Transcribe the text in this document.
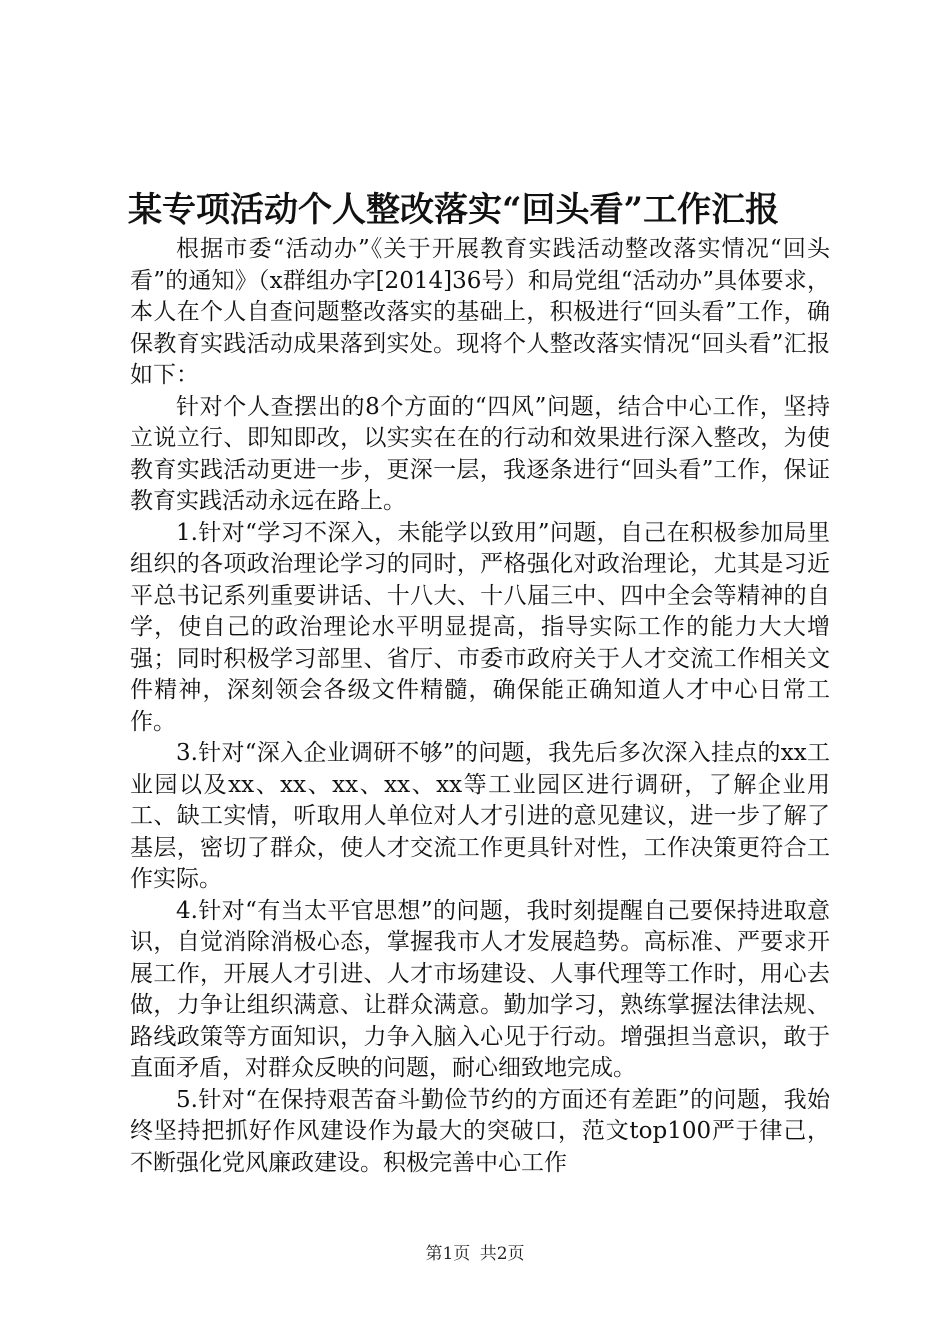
某专项活动个人整改落实“回头看”工作汇报

根据市委“活动办”《关于开展教育实践活动整改落实情况“回头看”的通知》（x群组办字[2014]36号）和局党组“活动办”具体要求，本人在个人自查问题整改落实的基础上，积极进行“回头看”工作，确保教育实践活动成果落到实处。现将个人整改落实情况“回头看”汇报如下：

针对个人查摆出的8个方面的“四风”问题，结合中心工作，坚持立说立行、即知即改，以实实在在的行动和效果进行深入整改，为使教育实践活动更进一步，更深一层，我逐条进行“回头看”工作，保证教育实践活动永远在路上。

1.针对“学习不深入，未能学以致用”问题，自己在积极参加局里组织的各项政治理论学习的同时，严格强化对政治理论，尤其是习近平总书记系列重要讲话、十八大、十八届三中、四中全会等精神的自学，使自己的政治理论水平明显提高，指导实际工作的能力大大增强；同时积极学习部里、省厅、市委市政府关于人才交流工作相关文件精神，深刻领会各级文件精髓，确保能正确知道人才中心日常工作。

3.针对“深入企业调研不够”的问题，我先后多次深入挂点的xx工业园以及xx、xx、xx、xx、xx等工业园区进行调研，了解企业用工、缺工实情，听取用人单位对人才引进的意见建议，进一步了解了基层，密切了群众，使人才交流工作更具针对性，工作决策更符合工作实际。

4.针对“有当太平官思想”的问题，我时刻提醒自己要保持进取意识，自觉消除消极心态，掌握我市人才发展趋势。高标准、严要求开展工作，开展人才引进、人才市场建设、人事代理等工作时，用心去做，力争让组织满意、让群众满意。勤加学习，熟练掌握法律法规、路线政策等方面知识，力争入脑入心见于行动。增强担当意识，敢于直面矛盾，对群众反映的问题，耐心细致地完成。

5.针对“在保持艰苦奋斗勤俭节约的方面还有差距”的问题，我始终坚持把抓好作风建设作为最大的突破口，范文top100严于律己，不断强化党风廉政建设。积极完善中心工作

第1页 共2页
